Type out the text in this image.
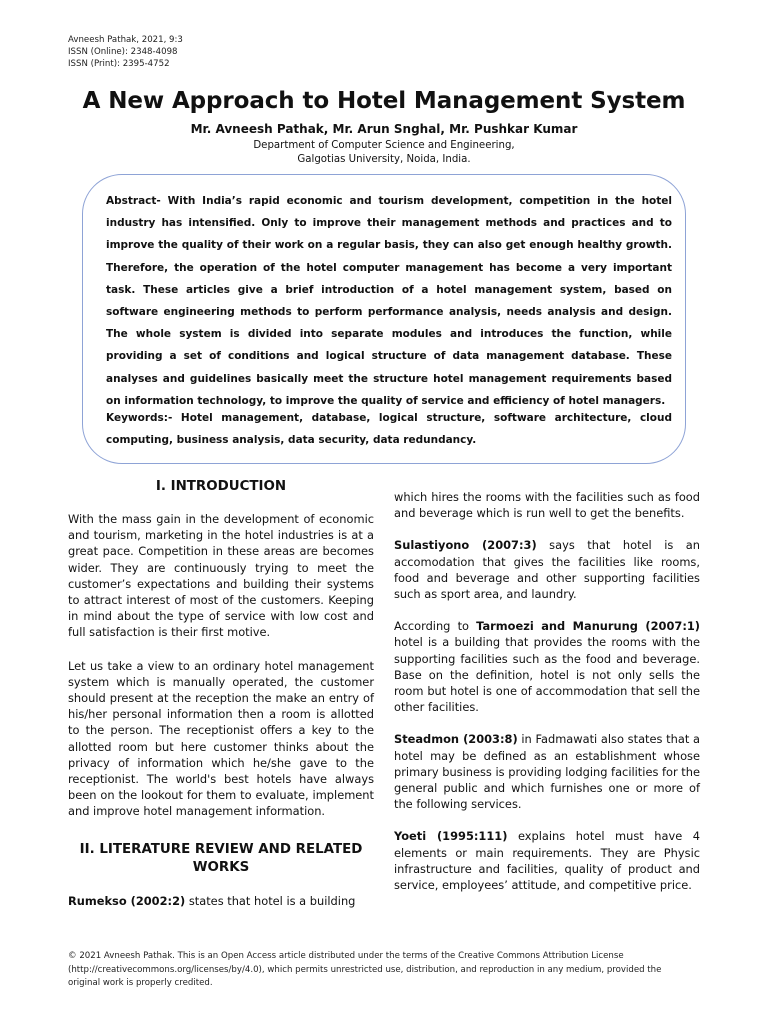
Avneesh Pathak, 2021, 9:3
ISSN (Online): 2348-4098
ISSN (Print): 2395-4752
A New Approach to Hotel Management System
Mr. Avneesh Pathak, Mr. Arun Snghal, Mr. Pushkar Kumar
Department of Computer Science and Engineering,
Galgotias University, Noida, India.
Abstract- With India’s rapid economic and tourism development, competition in the hotel industry has intensified. Only to improve their management methods and practices and to improve the quality of their work on a regular basis, they can also get enough healthy growth. Therefore, the operation of the hotel computer management has become a very important task. These articles give a brief introduction of a hotel management system, based on software engineering methods to perform performance analysis, needs analysis and design. The whole system is divided into separate modules and introduces the function, while providing a set of conditions and logical structure of data management database. These analyses and guidelines basically meet the structure hotel management requirements based on information technology, to improve the quality of service and efficiency of hotel managers.
Keywords:- Hotel management, database, logical structure, software architecture, cloud computing, business analysis, data security, data redundancy.

I. INTRODUCTION

With the mass gain in the development of economic and tourism, marketing in the hotel industries is at a great pace. Competition in these areas are becomes wider. They are continuously trying to meet the customer’s expectations and building their systems to attract interest of most of the customers. Keeping in mind about the type of service with low cost and full satisfaction is their first motive.

Let us take a view to an ordinary hotel management system which is manually operated, the customer should present at the reception the make an entry of his/her personal information then a room is allotted to the person. The receptionist offers a key to the allotted room but here customer thinks about the privacy of information which he/she gave to the receptionist. The world's best hotels have always been on the lookout for them to evaluate, implement and improve hotel management information.

II. LITERATURE REVIEW AND RELATED WORKS

Rumekso (2002:2) states that hotel is a building

which hires the rooms with the facilities such as food and beverage which is run well to get the benefits.

Sulastiyono (2007:3) says that hotel is an accomodation that gives the facilities like rooms, food and beverage and other supporting facilities such as sport area, and laundry.

According to Tarmoezi and Manurung (2007:1) hotel is a building that provides the rooms with the supporting facilities such as the food and beverage. Base on the definition, hotel is not only sells the room but hotel is one of accommodation that sell the other facilities.

Steadmon (2003:8) in Fadmawati also states that a hotel may be defined as an establishment whose primary business is providing lodging facilities for the general public and which furnishes one or more of the following services.

Yoeti (1995:111) explains hotel must have 4 elements or main requirements. They are Physic infrastructure and facilities, quality of product and service, employees’ attitude, and competitive price.

© 2021 Avneesh Pathak. This is an Open Access article distributed under the terms of the Creative Commons Attribution License
(http://creativecommons.org/licenses/by/4.0), which permits unrestricted use, distribution, and reproduction in any medium, provided the
original work is properly credited.
